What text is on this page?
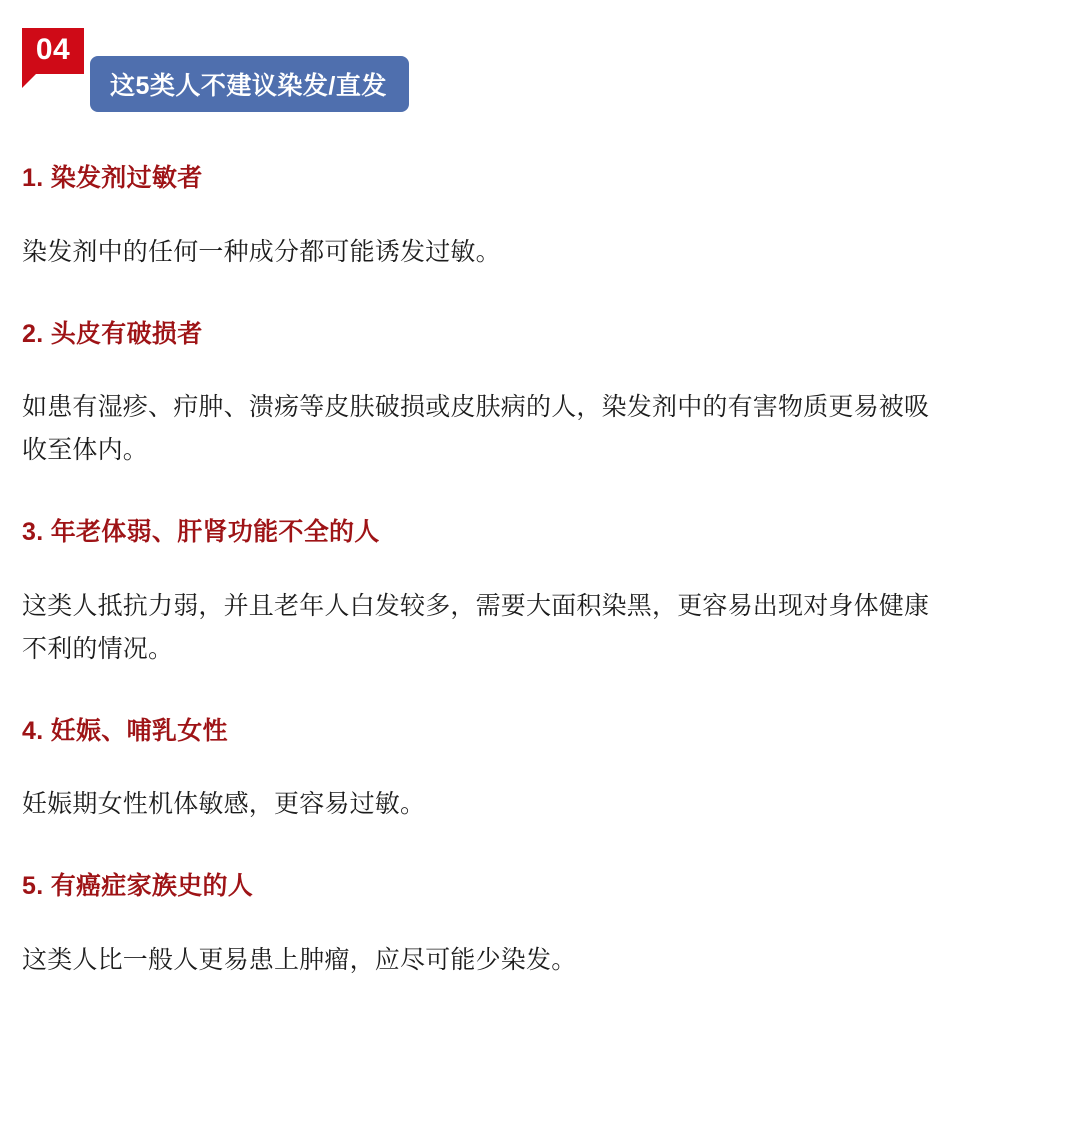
04
这5类人不建议染发/直发
1. 染发剂过敏者

染发剂中的任何一种成分都可能诱发过敏。

2. 头皮有破损者

如患有湿疹、疖肿、溃疡等皮肤破损或皮肤病的人，染发剂中的有害物质更易被吸收至体内。

3. 年老体弱、肝肾功能不全的人

这类人抵抗力弱，并且老年人白发较多，需要大面积染黑，更容易出现对身体健康不利的情况。

4. 妊娠、哺乳女性

妊娠期女性机体敏感，更容易过敏。

5. 有癌症家族史的人

这类人比一般人更易患上肿瘤，应尽可能少染发。
